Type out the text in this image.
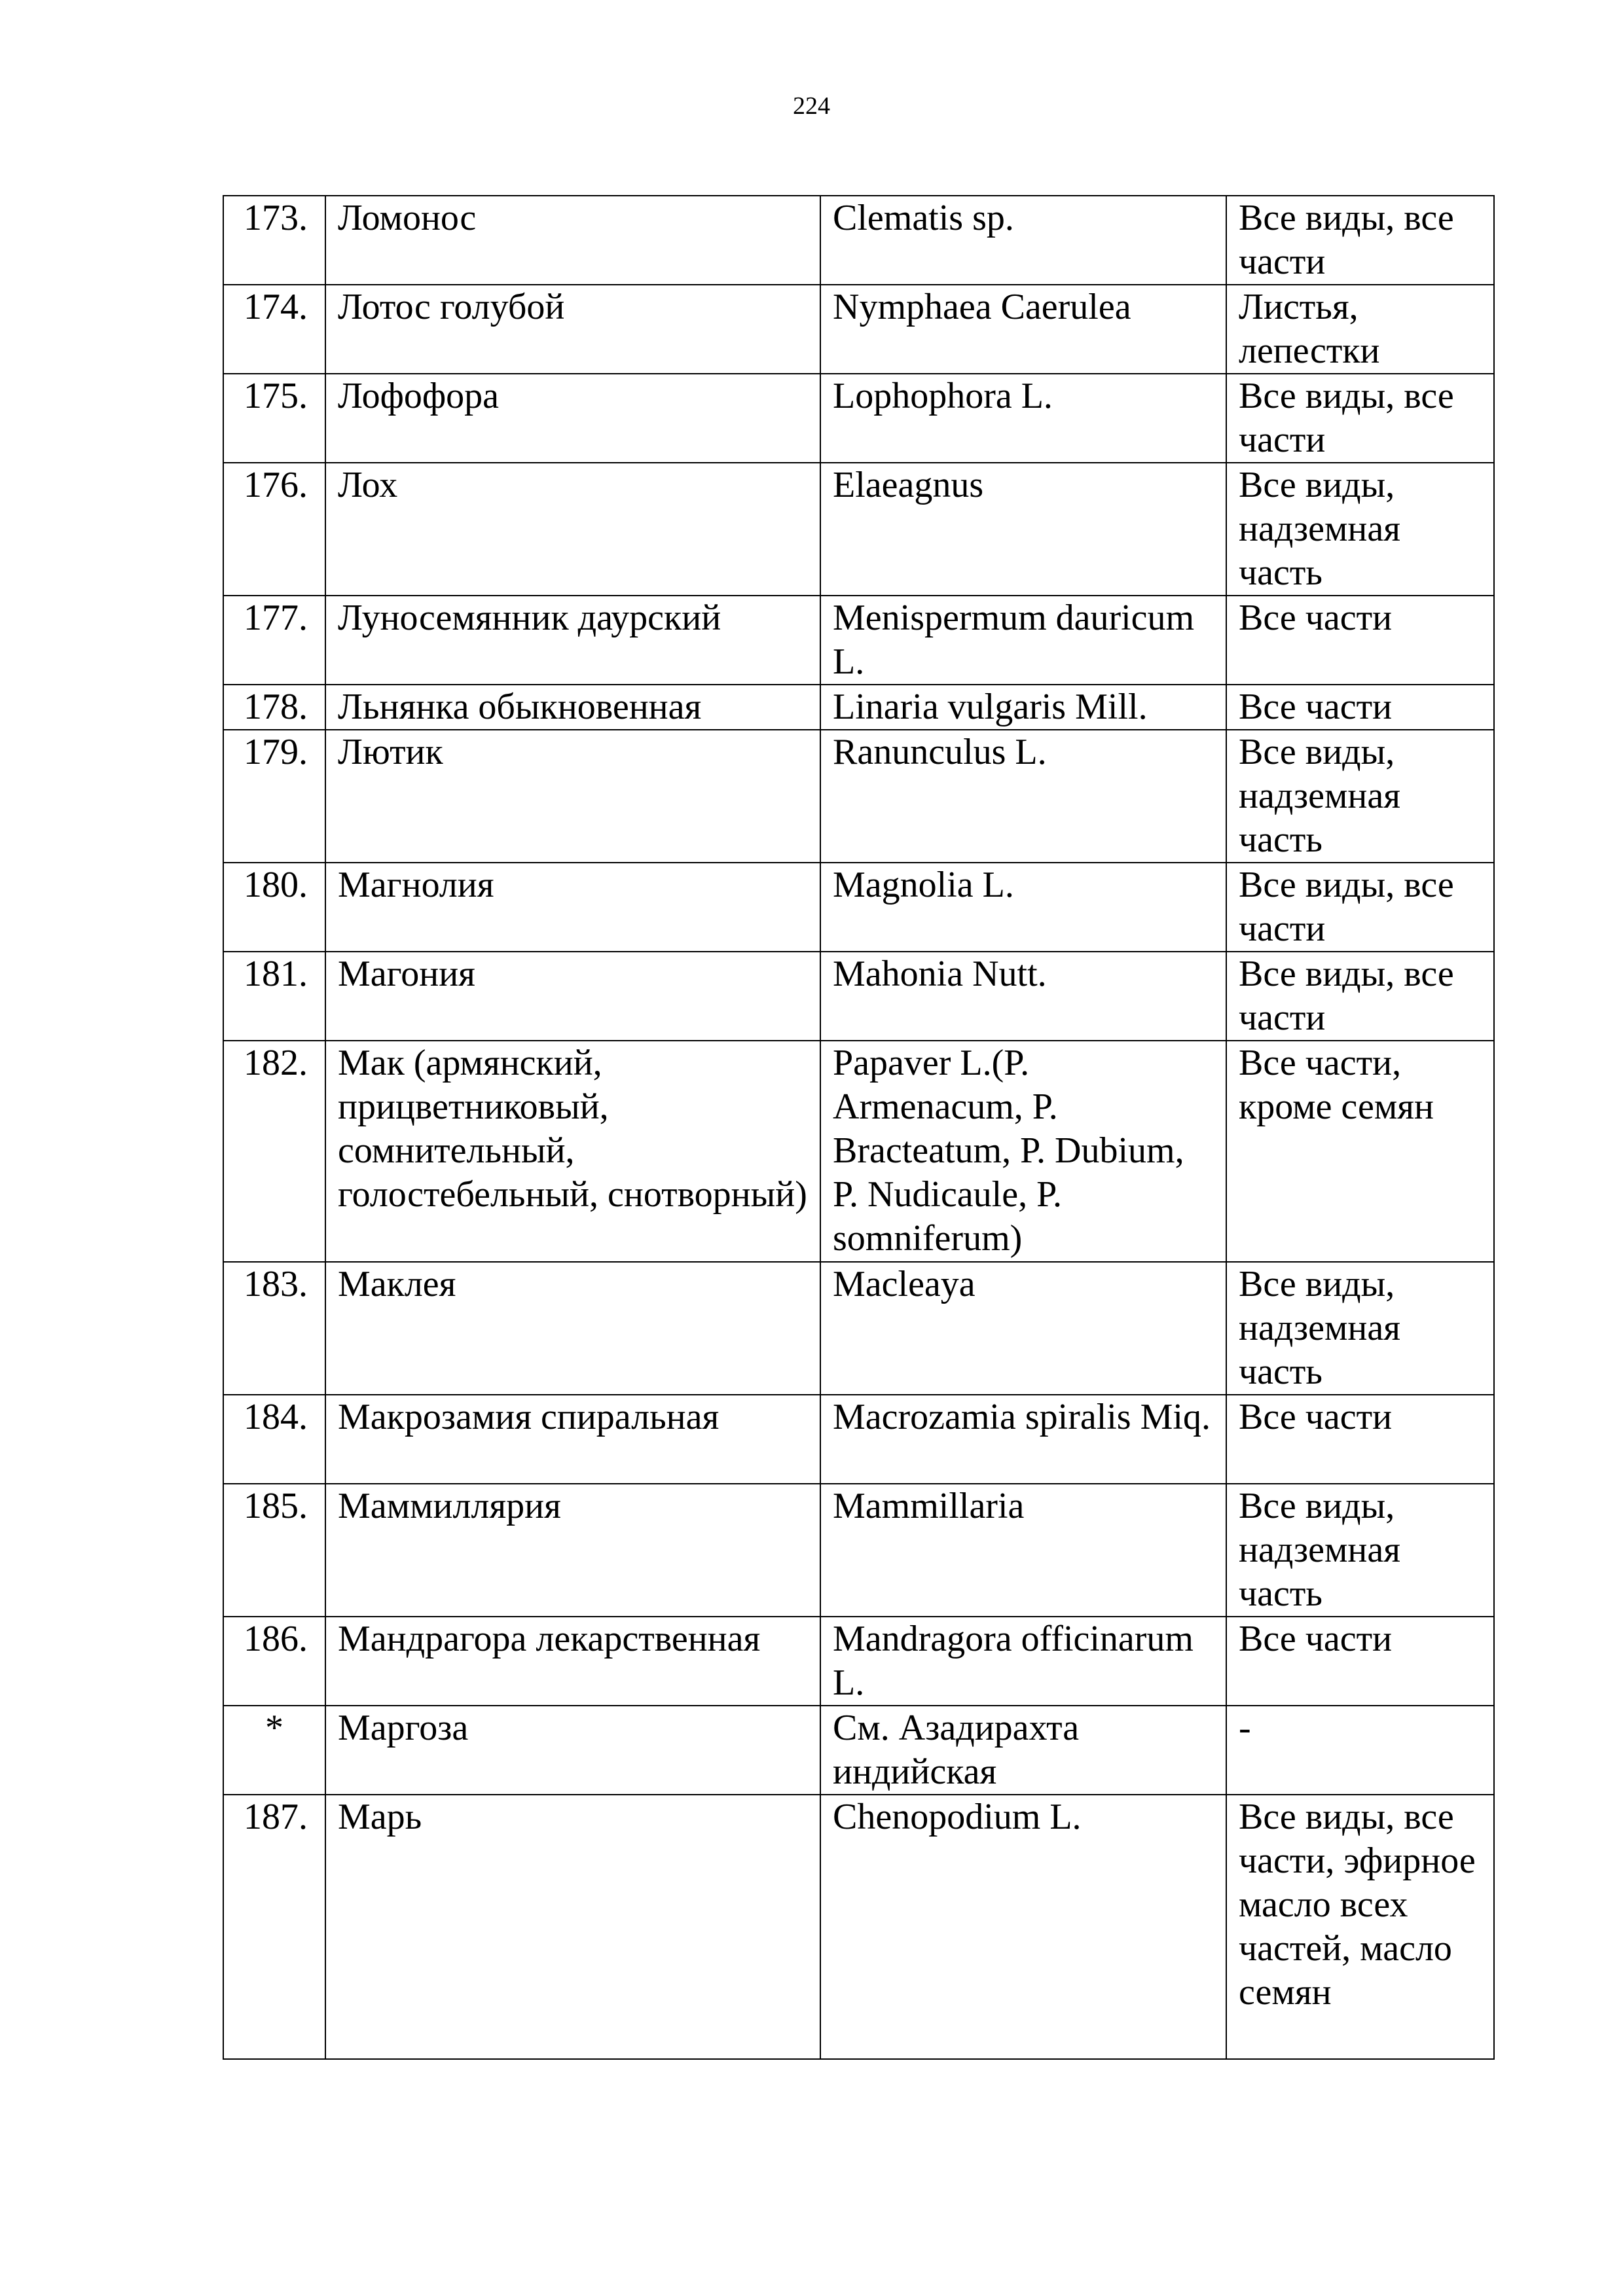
224
173.	Ломонос	Clematis sp.	Все виды, все части
174.	Лотос голубой	Nymphaea Caerulea	Листья, лепестки
175.	Лофофора	Lophophora L.	Все виды, все части
176.	Лох	Elaeagnus	Все виды, надземная часть
177.	Луносемянник даурский	Menispermum dauricum L.	Все части
178.	Льнянка обыкновенная	Linaria vulgaris Mill.	Все части
179.	Лютик	Ranunculus L.	Все виды, надземная часть
180.	Магнолия	Magnolia L.	Все виды, все части
181.	Магония	Mahonia Nutt.	Все виды, все части
182.	Мак (армянский, прицветниковый, сомнительный, голостебельный, снотворный)	Papaver L.(P. Armenacum, P. Bracteatum, P. Dubium, P. Nudicaule, P. somniferum)	Все части, кроме семян
183.	Маклея	Macleaya	Все виды, надземная часть
184.	Макрозамия спиральная	Macrozamia spiralis Miq.	Все части
185.	Маммиллярия	Mammillaria	Все виды, надземная часть
186.	Мандрагора лекарственная	Mandragora officinarum L.	Все части
*	Маргоза	См. Азадирахта индийская	-
187.	Марь	Chenopodium L.	Все виды, все части, эфирное масло всех частей, масло семян
